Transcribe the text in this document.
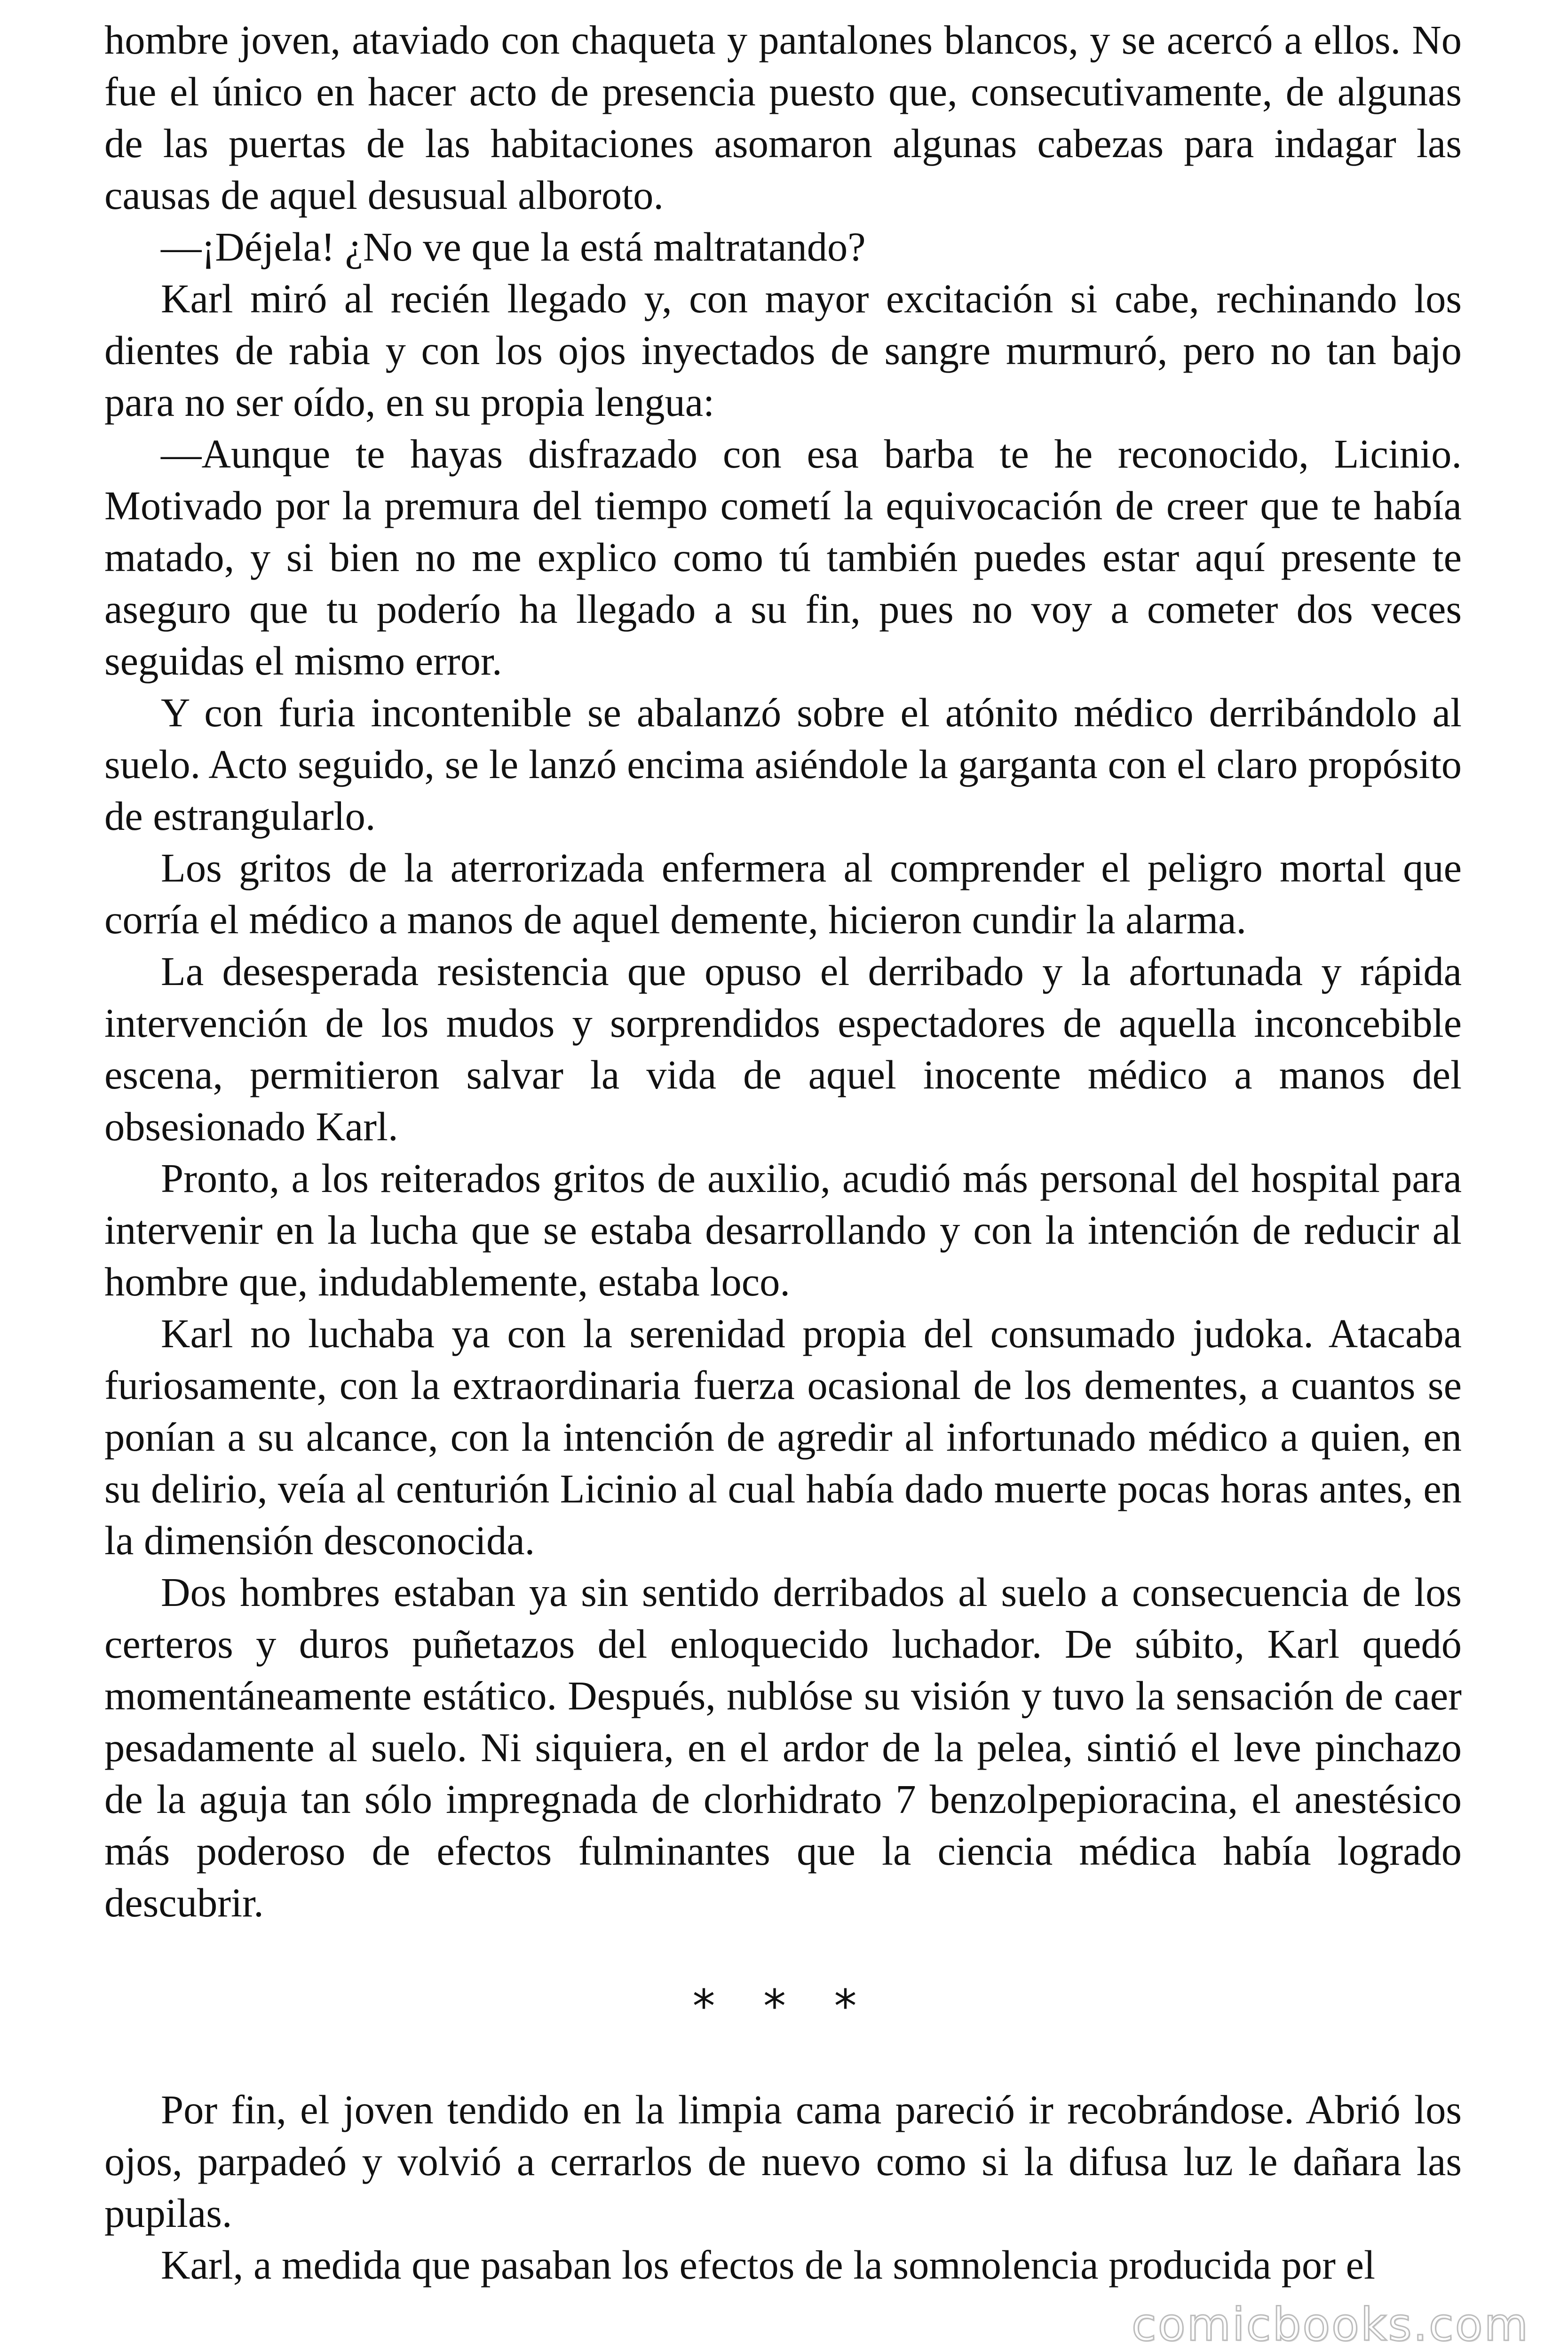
hombre joven, ataviado con chaqueta y pantalones blancos, y se acercó a ellos. No fue el único en hacer acto de presencia puesto que, consecutivamente, de algunas de las puertas de las habitaciones asomaron algunas cabezas para indagar las causas de aquel desusual alboroto.

—¡Déjela! ¿No ve que la está maltratando?

Karl miró al recién llegado y, con mayor excitación si cabe, rechinando los dientes de rabia y con los ojos inyectados de sangre murmuró, pero no tan bajo para no ser oído, en su propia lengua:

—Aunque te hayas disfrazado con esa barba te he reconocido, Licinio. Motivado por la premura del tiempo cometí la equivocación de creer que te había matado, y si bien no me explico como tú también puedes estar aquí presente te aseguro que tu poderío ha llegado a su fin, pues no voy a cometer dos veces seguidas el mismo error.

Y con furia incontenible se abalanzó sobre el atónito médico derribándolo al suelo. Acto seguido, se le lanzó encima asiéndole la garganta con el claro propósito de estrangularlo.

Los gritos de la aterrorizada enfermera al comprender el peligro mortal que corría el médico a manos de aquel demente, hicieron cundir la alarma.

La desesperada resistencia que opuso el derribado y la afortunada y rápida intervención de los mudos y sorprendidos espectadores de aquella inconcebible escena, permitieron salvar la vida de aquel inocente médico a manos del obsesionado Karl.

Pronto, a los reiterados gritos de auxilio, acudió más personal del hospital para intervenir en la lucha que se estaba desarrollando y con la intención de reducir al hombre que, indudablemente, estaba loco.

Karl no luchaba ya con la serenidad propia del consumado judoka. Atacaba furiosamente, con la extraordinaria fuerza ocasional de los dementes, a cuantos se ponían a su alcance, con la intención de agredir al infortunado médico a quien, en su delirio, veía al centurión Licinio al cual había dado muerte pocas horas antes, en la dimensión desconocida.

Dos hombres estaban ya sin sentido derribados al suelo a consecuencia de los certeros y duros puñetazos del enloquecido luchador. De súbito, Karl quedó momentáneamente estático. Después, nublóse su visión y tuvo la sensación de caer pesadamente al suelo. Ni siquiera, en el ardor de la pelea, sintió el leve pinchazo de la aguja tan sólo impregnada de clorhidrato 7 benzolpepioracina, el anestésico más poderoso de efectos fulminantes que la ciencia médica había logrado descubrir.

* * *

Por fin, el joven tendido en la limpia cama pareció ir recobrándose. Abrió los ojos, parpadeó y volvió a cerrarlos de nuevo como si la difusa luz le dañara las pupilas.

Karl, a medida que pasaban los efectos de la somnolencia producida por el

comicbooks.com
